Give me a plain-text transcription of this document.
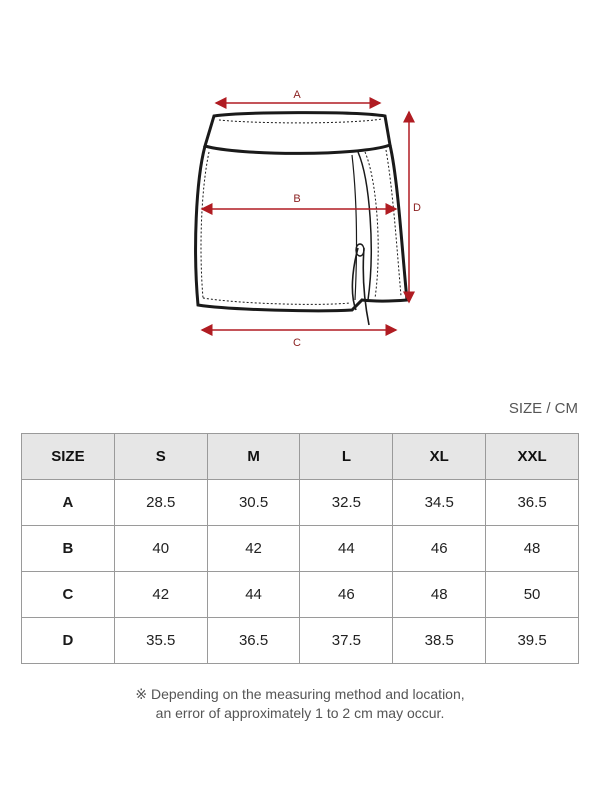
A
B
C
D
SIZE / CM
SIZE	S	M	L	XL	XXL
A	28.5	30.5	32.5	34.5	36.5
B	40	42	44	46	48
C	42	44	46	48	50
D	35.5	36.5	37.5	38.5	39.5
※ Depending on the measuring method and location,
an error of approximately 1 to 2 cm may occur.
